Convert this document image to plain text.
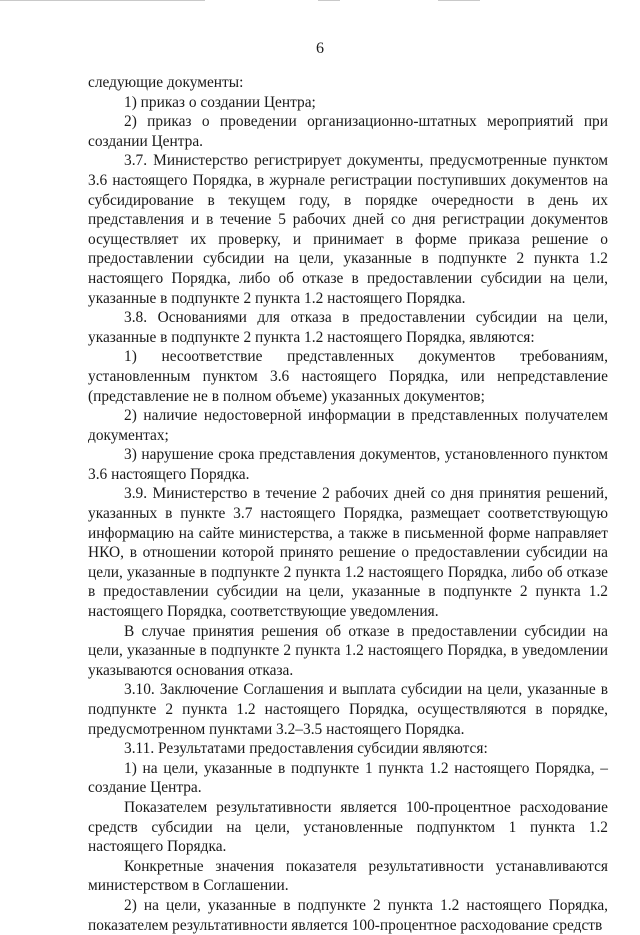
6

следующие документы:

1) приказ о создании Центра;

2) приказ о проведении организационно-штатных мероприятий при создании Центра.

3.7. Министерство регистрирует документы, предусмотренные пунктом 3.6 настоящего Порядка, в журнале регистрации поступивших документов на субсидирование в текущем году, в порядке очередности в день их представления и в течение 5 рабочих дней со дня регистрации документов осуществляет их проверку, и принимает в форме приказа решение о предоставлении субсидии на цели, указанные в подпункте 2 пункта 1.2 настоящего Порядка, либо об отказе в предоставлении субсидии на цели, указанные в подпункте 2 пункта 1.2 настоящего Порядка.

3.8. Основаниями для отказа в предоставлении субсидии на цели, указанные в подпункте 2 пункта 1.2 настоящего Порядка, являются:

1) несоответствие представленных документов требованиям, установленным пунктом 3.6 настоящего Порядка, или непредставление (представление не в полном объеме) указанных документов;

2) наличие недостоверной информации в представленных получателем документах;

3) нарушение срока представления документов, установленного пунктом 3.6 настоящего Порядка.

3.9. Министерство в течение 2 рабочих дней со дня принятия решений, указанных в пункте 3.7 настоящего Порядка, размещает соответствующую информацию на сайте министерства, а также в письменной форме направляет НКО, в отношении которой принято решение о предоставлении субсидии на цели, указанные в подпункте 2 пункта 1.2 настоящего Порядка, либо об отказе в предоставлении субсидии на цели, указанные в подпункте 2 пункта 1.2 настоящего Порядка, соответствующие уведомления.

В случае принятия решения об отказе в предоставлении субсидии на цели, указанные в подпункте 2 пункта 1.2 настоящего Порядка, в уведомлении указываются основания отказа.

3.10. Заключение Соглашения и выплата субсидии на цели, указанные в подпункте 2 пункта 1.2 настоящего Порядка, осуществляются в порядке, предусмотренном пунктами 3.2–3.5 настоящего Порядка.

3.11. Результатами предоставления субсидии являются:

1) на цели, указанные в подпункте 1 пункта 1.2 настоящего Порядка, – создание Центра.

Показателем результативности является 100-процентное расходование средств субсидии на цели, установленные подпунктом 1 пункта 1.2 настоящего Порядка.

Конкретные значения показателя результативности устанавливаются министерством в Соглашении.

2) на цели, указанные в подпункте 2 пункта 1.2 настоящего Порядка, показателем результативности является 100-процентное расходование средств
